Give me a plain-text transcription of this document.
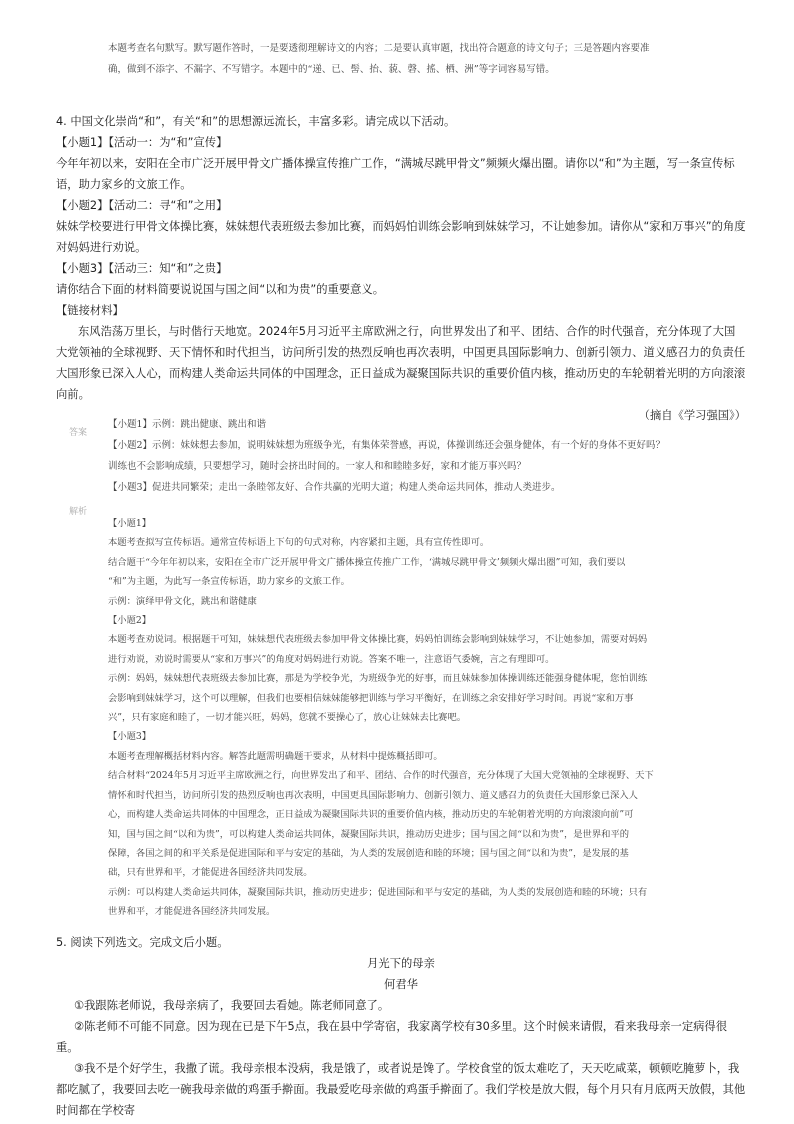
本题考查名句默写。默写题作答时，一是要透彻理解诗文的内容；二是要认真审题，找出符合题意的诗文句子；三是答题内容要准

确，做到不添字、不漏字、不写错字。本题中的“递、已、髻、抬、藐、磬、搖、栖、洲”等字词容易写错。

4. 中国文化崇尚“和”，有关“和”的思想源远流长，丰富多彩。请完成以下活动。

【小题1】【活动一：为“和”宣传】

今年年初以来，安阳在全市广泛开展甲骨文广播体操宣传推广工作，“满城尽跳甲骨文”频频火爆出圈。请你以“和”为主题，写一条宣传标语，助力家乡的文旅工作。

【小题2】【活动二：寻“和”之用】

妹妹学校要进行甲骨文体操比赛，妹妹想代表班级去参加比赛，而妈妈怕训练会影响到妹妹学习，不让她参加。请你从“家和万事兴”的角度对妈妈进行劝说。

【小题3】【活动三：知“和”之贵】

请你结合下面的材料简要说说国与国之间“以和为贵”的重要意义。

【链接材料】

东风浩荡万里长，与时偕行天地宽。2024年5月习近平主席欧洲之行，向世界发出了和平、团结、合作的时代强音，充分体现了大国大党领袖的全球视野、天下情怀和时代担当，访问所引发的热烈反响也再次表明，中国更具国际影响力、创新引领力、道义感召力的负责任大国形象已深入人心，而构建人类命运共同体的中国理念，正日益成为凝聚国际共识的重要价值内核，推动历史的车轮朝着光明的方向滚滚向前。

（摘自《学习强国》）

答案

【小题1】示例：跳出健康、跳出和谐

【小题2】示例：妹妹想去参加，说明妹妹想为班级争光，有集体荣誉感，再说，体操训练还会强身健体，有一个好的身体不更好吗？

训练也不会影响成绩，只要想学习，随时会挤出时间的。一家人和和睦睦多好，家和才能万事兴吗？

【小题3】促进共同繁荣；走出一条睦邻友好、合作共赢的光明大道；构建人类命运共同体，推动人类进步。

解析

【小题1】

本题考查拟写宣传标语。通常宣传标语上下句的句式对称，内容紧扣主题，具有宣传性即可。

结合题干“今年年初以来，安阳在全市广泛开展甲骨文广播体操宣传推广工作，‘满城尽跳甲骨文’频频火爆出圈”可知，我们要以

“和”为主题，为此写一条宣传标语，助力家乡的文旅工作。

示例：演绎甲骨文化，跳出和谐健康

【小题2】

本题考查劝说词。根据题干可知，妹妹想代表班级去参加甲骨文体操比赛，妈妈怕训练会影响到妹妹学习，不让她参加，需要对妈妈

进行劝说，劝说时需要从“家和万事兴”的角度对妈妈进行劝说。答案不唯一，注意语气委婉，言之有理即可。

示例：妈妈，妹妹想代表班级去参加比赛，那是为学校争光，为班级争光的好事，而且妹妹参加体操训练还能强身健体呢，您怕训练

会影响到妹妹学习，这个可以理解，但我们也要相信妹妹能够把训练与学习平衡好，在训练之余安排好学习时间。再说“家和万事

兴”，只有家庭和睦了，一切才能兴旺，妈妈，您就不要操心了，放心让妹妹去比赛吧。

【小题3】

本题考查理解概括材料内容。解答此题需明确题干要求，从材料中提炼概括即可。

结合材料“2024年5月习近平主席欧洲之行，向世界发出了和平、团结、合作的时代强音，充分体现了大国大党领袖的全球视野、天下

情怀和时代担当，访问所引发的热烈反响也再次表明，中国更具国际影响力、创新引领力、道义感召力的负责任大国形象已深入人

心，而构建人类命运共同体的中国理念，正日益成为凝聚国际共识的重要价值内核，推动历史的车轮朝着光明的方向滚滚向前”可

知，国与国之间“以和为贵”，可以构建人类命运共同体，凝聚国际共识，推动历史进步；国与国之间“以和为贵”，是世界和平的

保障，各国之间的和平关系是促进国际和平与安定的基础，为人类的发展创造和睦的环境；国与国之间“以和为贵”，是发展的基

础，只有世界和平，才能促进各国经济共同发展。

示例：可以构建人类命运共同体，凝聚国际共识，推动历史进步；促进国际和平与安定的基础，为人类的发展创造和睦的环境；只有

世界和平，才能促进各国经济共同发展。

5. 阅读下列选文。完成文后小题。

月光下的母亲

何君华

①我跟陈老师说，我母亲病了，我要回去看她。陈老师同意了。

②陈老师不可能不同意。因为现在已是下午5点，我在县中学寄宿，我家离学校有30多里。这个时候来请假，看来我母亲一定病得很重。

③我不是个好学生，我撒了谎。我母亲根本没病，我是饿了，或者说是馋了。学校食堂的饭太难吃了，天天吃咸菜，顿顿吃腌萝卜，我都吃腻了，我要回去吃一碗我母亲做的鸡蛋手擀面。我最爱吃母亲做的鸡蛋手擀面了。我们学校是放大假，每个月只有月底两天放假，其他时间都在学校寄
